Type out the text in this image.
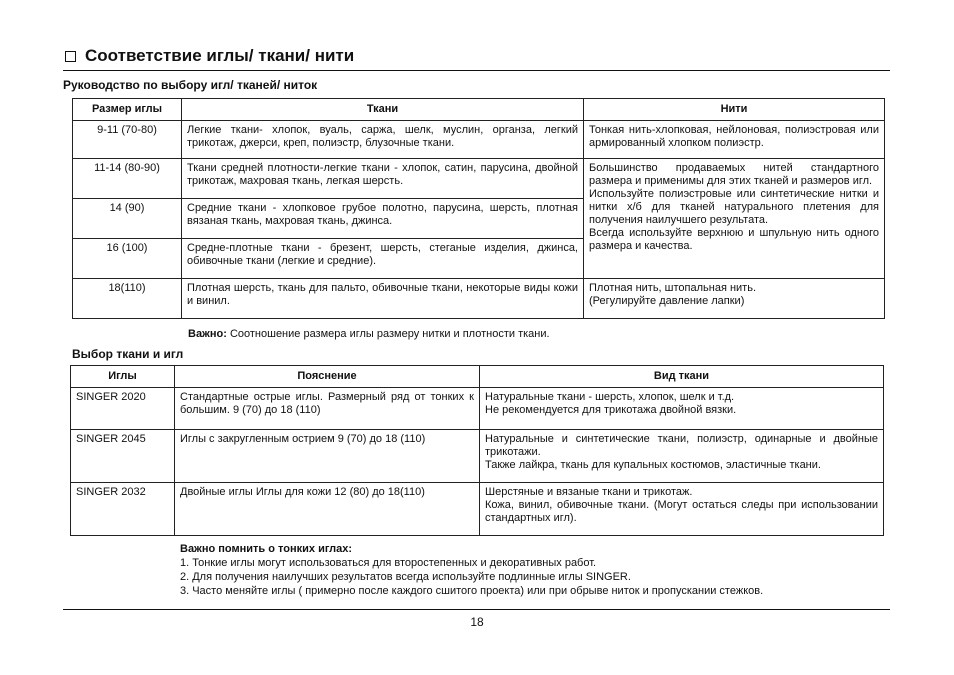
Соответствие иглы/ ткани/ нити
Руководство по выбору игл/ тканей/ ниток
Размер иглы	Ткани	Нити
9-11 (70-80)	Легкие ткани- хлопок, вуаль, саржа, шелк, муслин, органза, легкий трикотаж, джерси, креп, полиэстр, блузочные ткани.	Тонкая нить-хлопковая, нейлоновая, полиэстровая или армированный хлопком полиэстр.
11-14 (80-90)	Ткани средней плотности-легкие ткани - хлопок, сатин, парусина, двойной трикотаж, махровая ткань, легкая шерсть.	Большинство продаваемых нитей стандартного размера и применимы для этих тканей и размеров игл.
Используйте полиэстровые или синтетические нитки и нитки х/б для тканей натурального плетения для получения наилучшего результата.
Всегда используйте верхнюю и шпульную нить одного размера и качества.

14 (90)	Средние ткани - хлопковое грубое полотно, парусина, шерсть, плотная вязаная ткань, махровая ткань, джинса.	
16 (100)	Средне-плотные ткани - брезент, шерсть, стеганые изделия, джинса, обивочные ткани (легкие и средние).	
18(110)	Плотная шерсть, ткань для пальто, обивочные ткани, некоторые виды кожи и винил.	Плотная нить, штопальная нить.
(Регулируйте давление лапки)
Важно: Соотношение размера иглы размеру нитки и плотности ткани.
Выбор ткани и игл
Иглы	Пояснение	Вид ткани
SINGER 2020	Стандартные острые иглы. Размерный ряд от тонких к большим. 9 (70) до 18 (110)	Натуральные ткани - шерсть, хлопок, шелк и т.д.
Не рекомендуется для трикотажа двойной вязки.

SINGER 2045	Иглы с закругленным острием 9 (70) до 18 (110)	Натуральные и синтетические ткани, полиэстр, одинарные и двойные трикотажи.
Также лайкра, ткань для купальных костюмов, эластичные ткани.

SINGER 2032	Двойные иглы Иглы для кожи 12 (80) до 18(110)	Шерстяные и вязаные ткани и трикотаж.
Кожа, винил, обивочные ткани. (Могут остаться следы при использовании стандартных игл).
Важно помнить о тонких иглах:
1. Тонкие иглы могут использоваться для второстепенных и декоративных работ.
2. Для получения наилучших результатов всегда используйте подлинные иглы SINGER.
3. Часто меняйте иглы ( примерно после каждого сшитого проекта) или при обрыве ниток и пропускании стежков.
18
